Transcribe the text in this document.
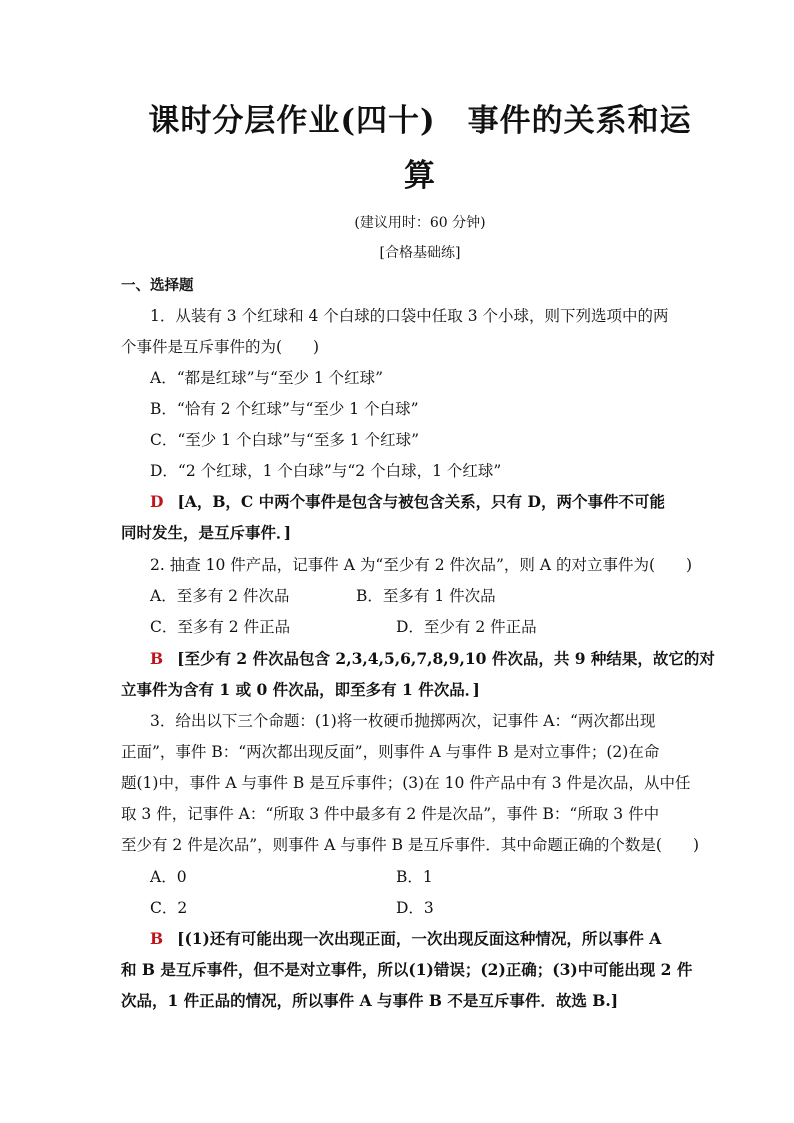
课时分层作业(四十)　事件的关系和运
算
(建议用时：60 分钟)
[合格基础练]
一、选择题
1．从装有 3 个红球和 4 个白球的口袋中任取 3 个小球，则下列选项中的两
个事件是互斥事件的为(　　)
A．“都是红球”与“至少 1 个红球”
B．“恰有 2 个红球”与“至少 1 个白球”
C．“至少 1 个白球”与“至多 1 个红球”
D．“2 个红球，1 个白球”与“2 个白球，1 个红球”
D [A，B，C 中两个事件是包含与被包含关系，只有 D，两个事件不可能
同时发生，是互斥事件．]
2. 抽查 10 件产品，记事件 A 为“至少有 2 件次品”，则 A 的对立事件为(　　)
A．至多有 2 件次品	B．至多有 1 件次品
C．至多有 2 件正品	D．至少有 2 件正品
B [至少有 2 件次品包含 2,3,4,5,6,7,8,9,10 件次品，共 9 种结果，故它的对
立事件为含有 1 或 0 件次品，即至多有 1 件次品．]
3．给出以下三个命题：(1)将一枚硬币抛掷两次，记事件 A：“两次都出现
正面”，事件 B：“两次都出现反面”，则事件 A 与事件 B 是对立事件；(2)在命
题(1)中，事件 A 与事件 B 是互斥事件；(3)在 10 件产品中有 3 件是次品，从中任
取 3 件，记事件 A：“所取 3 件中最多有 2 件是次品”，事件 B：“所取 3 件中
至少有 2 件是次品”，则事件 A 与事件 B 是互斥事件．其中命题正确的个数是(　　)
A．0	B．1
C．2	D．3
B [(1)还有可能出现一次出现正面，一次出现反面这种情况，所以事件 A
和 B 是互斥事件，但不是对立事件，所以(1)错误；(2)正确；(3)中可能出现 2 件
次品，1 件正品的情况，所以事件 A 与事件 B 不是互斥事件．故选 B.]
